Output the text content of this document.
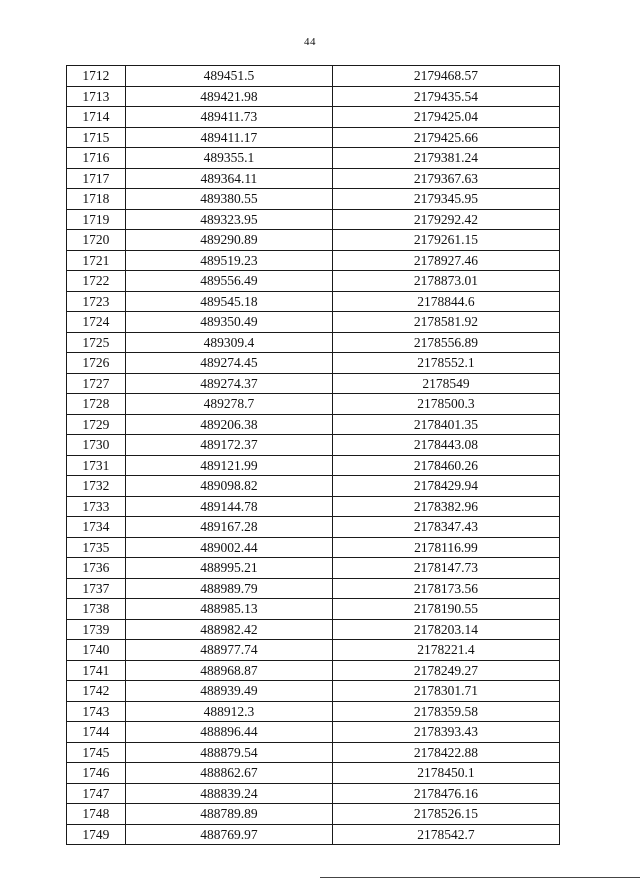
44
1712	489451.5	2179468.57
1713	489421.98	2179435.54
1714	489411.73	2179425.04
1715	489411.17	2179425.66
1716	489355.1	2179381.24
1717	489364.11	2179367.63
1718	489380.55	2179345.95
1719	489323.95	2179292.42
1720	489290.89	2179261.15
1721	489519.23	2178927.46
1722	489556.49	2178873.01
1723	489545.18	2178844.6
1724	489350.49	2178581.92
1725	489309.4	2178556.89
1726	489274.45	2178552.1
1727	489274.37	2178549
1728	489278.7	2178500.3
1729	489206.38	2178401.35
1730	489172.37	2178443.08
1731	489121.99	2178460.26
1732	489098.82	2178429.94
1733	489144.78	2178382.96
1734	489167.28	2178347.43
1735	489002.44	2178116.99
1736	488995.21	2178147.73
1737	488989.79	2178173.56
1738	488985.13	2178190.55
1739	488982.42	2178203.14
1740	488977.74	2178221.4
1741	488968.87	2178249.27
1742	488939.49	2178301.71
1743	488912.3	2178359.58
1744	488896.44	2178393.43
1745	488879.54	2178422.88
1746	488862.67	2178450.1
1747	488839.24	2178476.16
1748	488789.89	2178526.15
1749	488769.97	2178542.7
